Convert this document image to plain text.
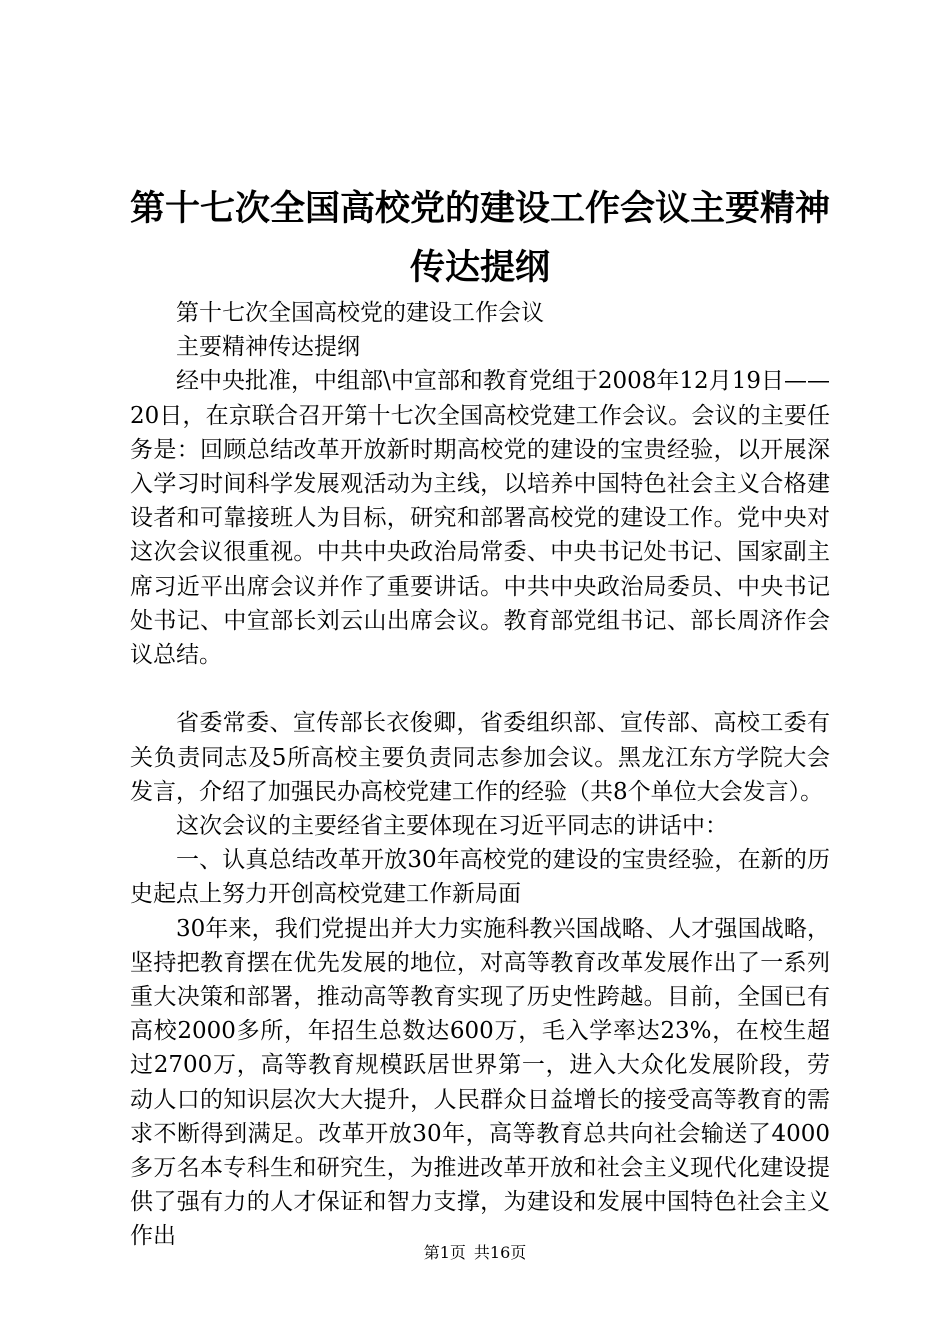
第十七次全国高校党的建设工作会议主要精神
传达提纲

第十七次全国高校党的建设工作会议

主要精神传达提纲

经中央批准，中组部\中宣部和教育党组于2008年12月19日——20日，在京联合召开第十七次全国高校党建工作会议。会议的主要任务是：回顾总结改革开放新时期高校党的建设的宝贵经验，以开展深入学习时间科学发展观活动为主线，以培养中国特色社会主义合格建设者和可靠接班人为目标，研究和部署高校党的建设工作。党中央对这次会议很重视。中共中央政治局常委、中央书记处书记、国家副主席习近平出席会议并作了重要讲话。中共中央政治局委员、中央书记处书记、中宣部长刘云山出席会议。教育部党组书记、部长周济作会议总结。

省委常委、宣传部长衣俊卿，省委组织部、宣传部、高校工委有关负责同志及5所高校主要负责同志参加会议。黑龙江东方学院大会发言，介绍了加强民办高校党建工作的经验（共8个单位大会发言）。

这次会议的主要经省主要体现在习近平同志的讲话中：

一、认真总结改革开放30年高校党的建设的宝贵经验，在新的历史起点上努力开创高校党建工作新局面

30年来，我们党提出并大力实施科教兴国战略、人才强国战略，坚持把教育摆在优先发展的地位，对高等教育改革发展作出了一系列重大决策和部署，推动高等教育实现了历史性跨越。目前，全国已有高校2000多所，年招生总数达600万，毛入学率达23%，在校生超过2700万，高等教育规模跃居世界第一，进入大众化发展阶段，劳动人口的知识层次大大提升，人民群众日益增长的接受高等教育的需求不断得到满足。改革开放30年，高等教育总共向社会输送了4000多万名本专科生和研究生，为推进改革开放和社会主义现代化建设提供了强有力的人才保证和智力支撑，为建设和发展中国特色社会主义作出

第1页 共16页
